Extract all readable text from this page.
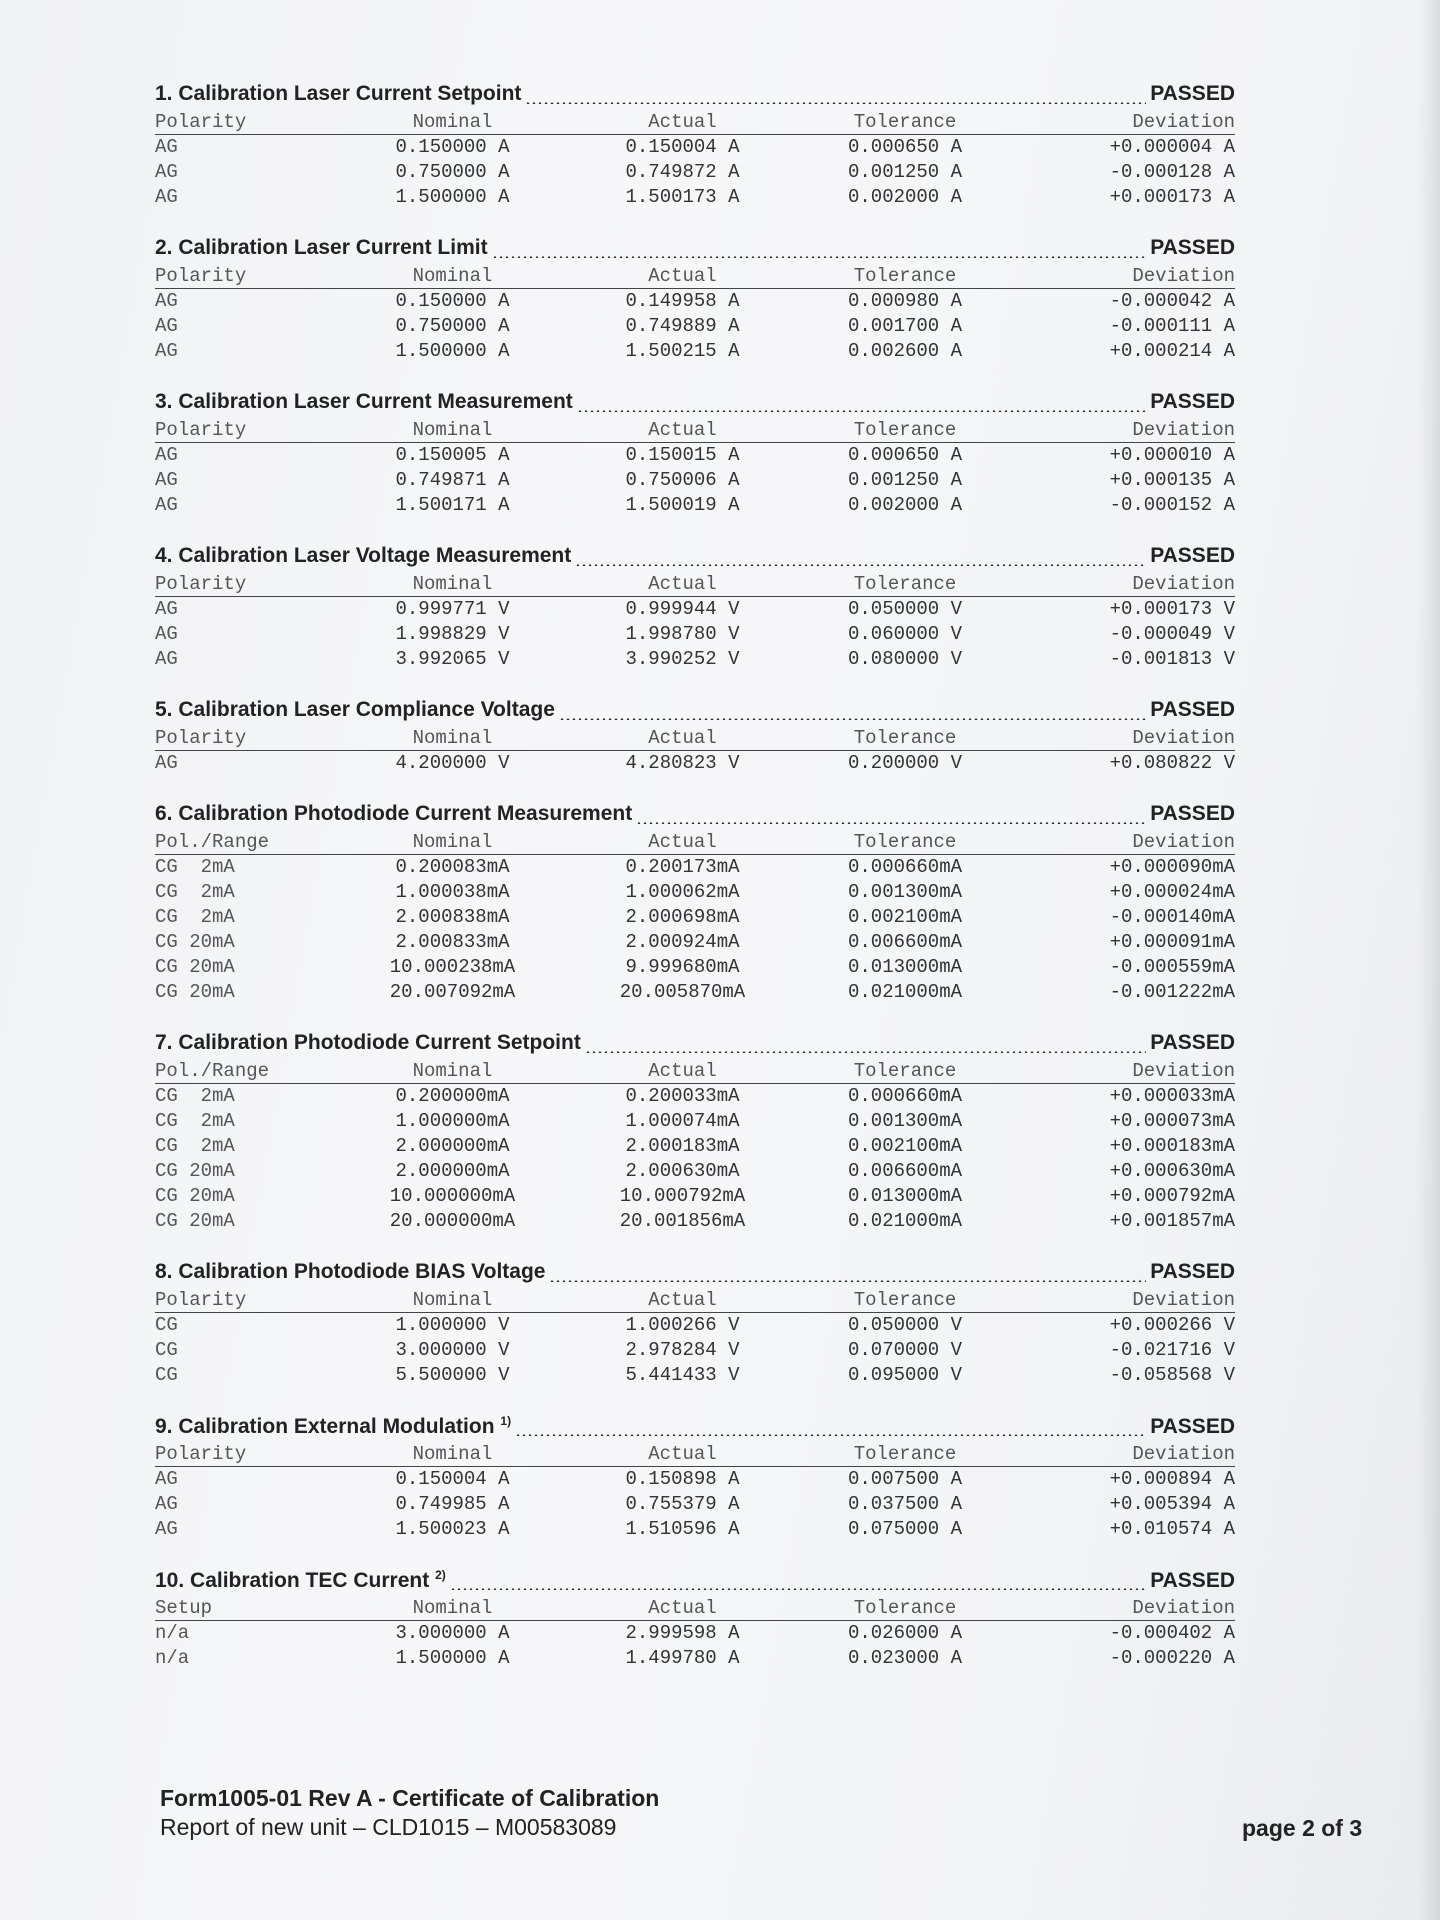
1. Calibration Laser Current Setpoint	PASSED
Polarity	Nominal	Actual	Tolerance	Deviation
AG	0.150000 A	0.150004 A	0.000650 A	+0.000004 A
AG	0.750000 A	0.749872 A	0.001250 A	-0.000128 A
AG	1.500000 A	1.500173 A	0.002000 A	+0.000173 A
2. Calibration Laser Current Limit	PASSED
Polarity	Nominal	Actual	Tolerance	Deviation
AG	0.150000 A	0.149958 A	0.000980 A	-0.000042 A
AG	0.750000 A	0.749889 A	0.001700 A	-0.000111 A
AG	1.500000 A	1.500215 A	0.002600 A	+0.000214 A
3. Calibration Laser Current Measurement	PASSED
Polarity	Nominal	Actual	Tolerance	Deviation
AG	0.150005 A	0.150015 A	0.000650 A	+0.000010 A
AG	0.749871 A	0.750006 A	0.001250 A	+0.000135 A
AG	1.500171 A	1.500019 A	0.002000 A	-0.000152 A
4. Calibration Laser Voltage Measurement	PASSED
Polarity	Nominal	Actual	Tolerance	Deviation
AG	0.999771 V	0.999944 V	0.050000 V	+0.000173 V
AG	1.998829 V	1.998780 V	0.060000 V	-0.000049 V
AG	3.992065 V	3.990252 V	0.080000 V	-0.001813 V
5. Calibration Laser Compliance Voltage	PASSED
Polarity	Nominal	Actual	Tolerance	Deviation
AG	4.200000 V	4.280823 V	0.200000 V	+0.080822 V
6. Calibration Photodiode Current Measurement	PASSED
Pol./Range	Nominal	Actual	Tolerance	Deviation
CG  2mA	0.200083mA	0.200173mA	0.000660mA	+0.000090mA
CG  2mA	1.000038mA	1.000062mA	0.001300mA	+0.000024mA
CG  2mA	2.000838mA	2.000698mA	0.002100mA	-0.000140mA
CG 20mA	2.000833mA	2.000924mA	0.006600mA	+0.000091mA
CG 20mA	10.000238mA	9.999680mA	0.013000mA	-0.000559mA
CG 20mA	20.007092mA	20.005870mA	0.021000mA	-0.001222mA
7. Calibration Photodiode Current Setpoint	PASSED
Pol./Range	Nominal	Actual	Tolerance	Deviation
CG  2mA	0.200000mA	0.200033mA	0.000660mA	+0.000033mA
CG  2mA	1.000000mA	1.000074mA	0.001300mA	+0.000073mA
CG  2mA	2.000000mA	2.000183mA	0.002100mA	+0.000183mA
CG 20mA	2.000000mA	2.000630mA	0.006600mA	+0.000630mA
CG 20mA	10.000000mA	10.000792mA	0.013000mA	+0.000792mA
CG 20mA	20.000000mA	20.001856mA	0.021000mA	+0.001857mA
8. Calibration Photodiode BIAS Voltage	PASSED
Polarity	Nominal	Actual	Tolerance	Deviation
CG	1.000000 V	1.000266 V	0.050000 V	+0.000266 V
CG	3.000000 V	2.978284 V	0.070000 V	-0.021716 V
CG	5.500000 V	5.441433 V	0.095000 V	-0.058568 V
9. Calibration External Modulation $^{1)}$	PASSED
Polarity	Nominal	Actual	Tolerance	Deviation
AG	0.150004 A	0.150898 A	0.007500 A	+0.000894 A
AG	0.749985 A	0.755379 A	0.037500 A	+0.005394 A
AG	1.500023 A	1.510596 A	0.075000 A	+0.010574 A
10. Calibration TEC Current $^{2)}$	PASSED
Setup	Nominal	Actual	Tolerance	Deviation
n/a	3.000000 A	2.999598 A	0.026000 A	-0.000402 A
n/a	1.500000 A	1.499780 A	0.023000 A	-0.000220 A
Form1005-01 Rev A - Certificate of Calibration
Report of new unit – CLD1015 – M00583089	page 2 of 3
